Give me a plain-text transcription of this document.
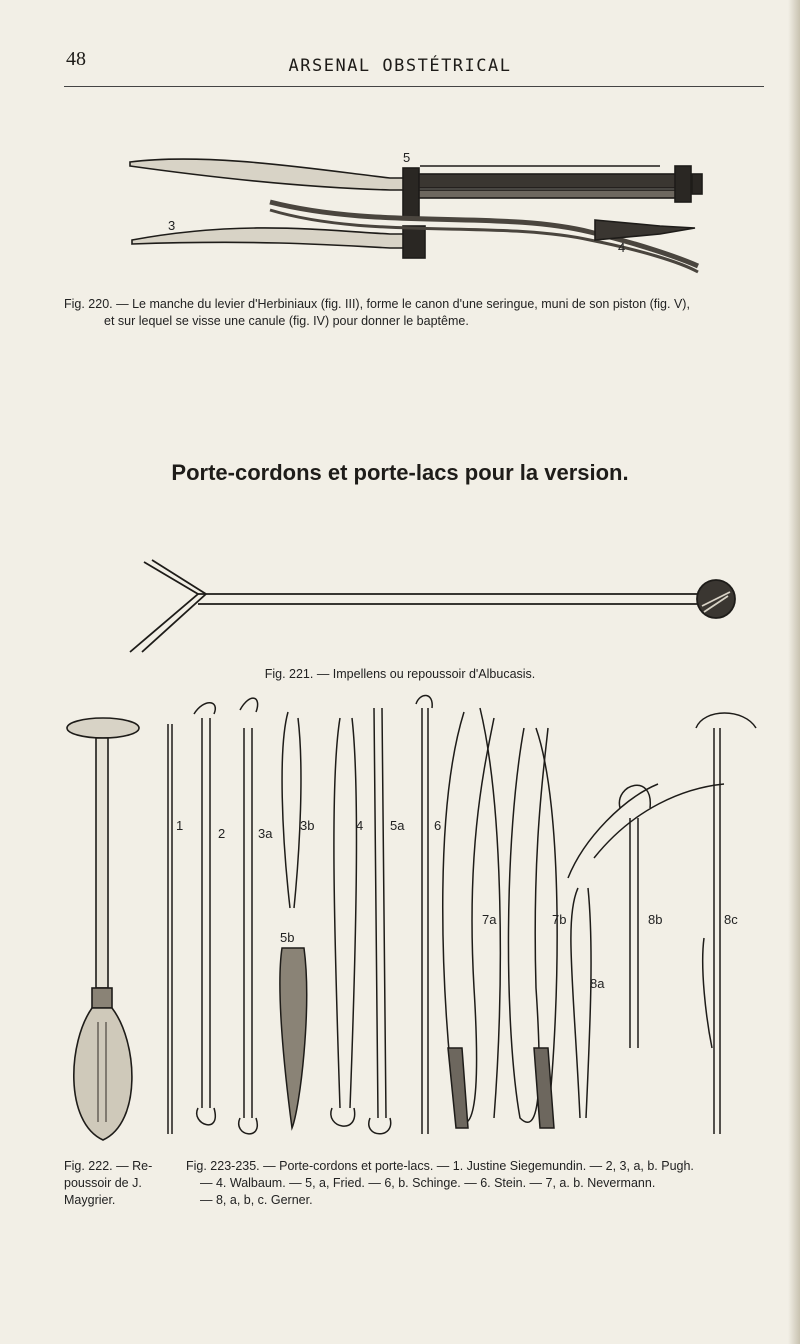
48	ARSENAL OBSTÉTRICAL
5
3
4
Fig. 220. — Le manche du levier d'Herbiniaux (fig. III), forme le canon d'une seringue, muni de son piston (fig. V),
et sur lequel se visse une canule (fig. IV) pour donner le baptême.
Porte-cordons et porte-lacs pour la version.
Fig. 221. — Impellens ou repoussoir d'Albucasis.
1
2	3a
3b	4 5a 6
7a	7b
8a
8b	8c
5b
Fig. 222. — Re-
poussoir de J.
Maygrier.
Fig. 223-235. — Porte-cordons et porte-lacs. — 1. Justine Siegemundin. — 2, 3, a, b. Pugh.
— 4. Walbaum. — 5, a, Fried. — 6, b. Schinge. — 6. Stein. — 7, a. b. Nevermann.
— 8, a, b, c. Gerner.
